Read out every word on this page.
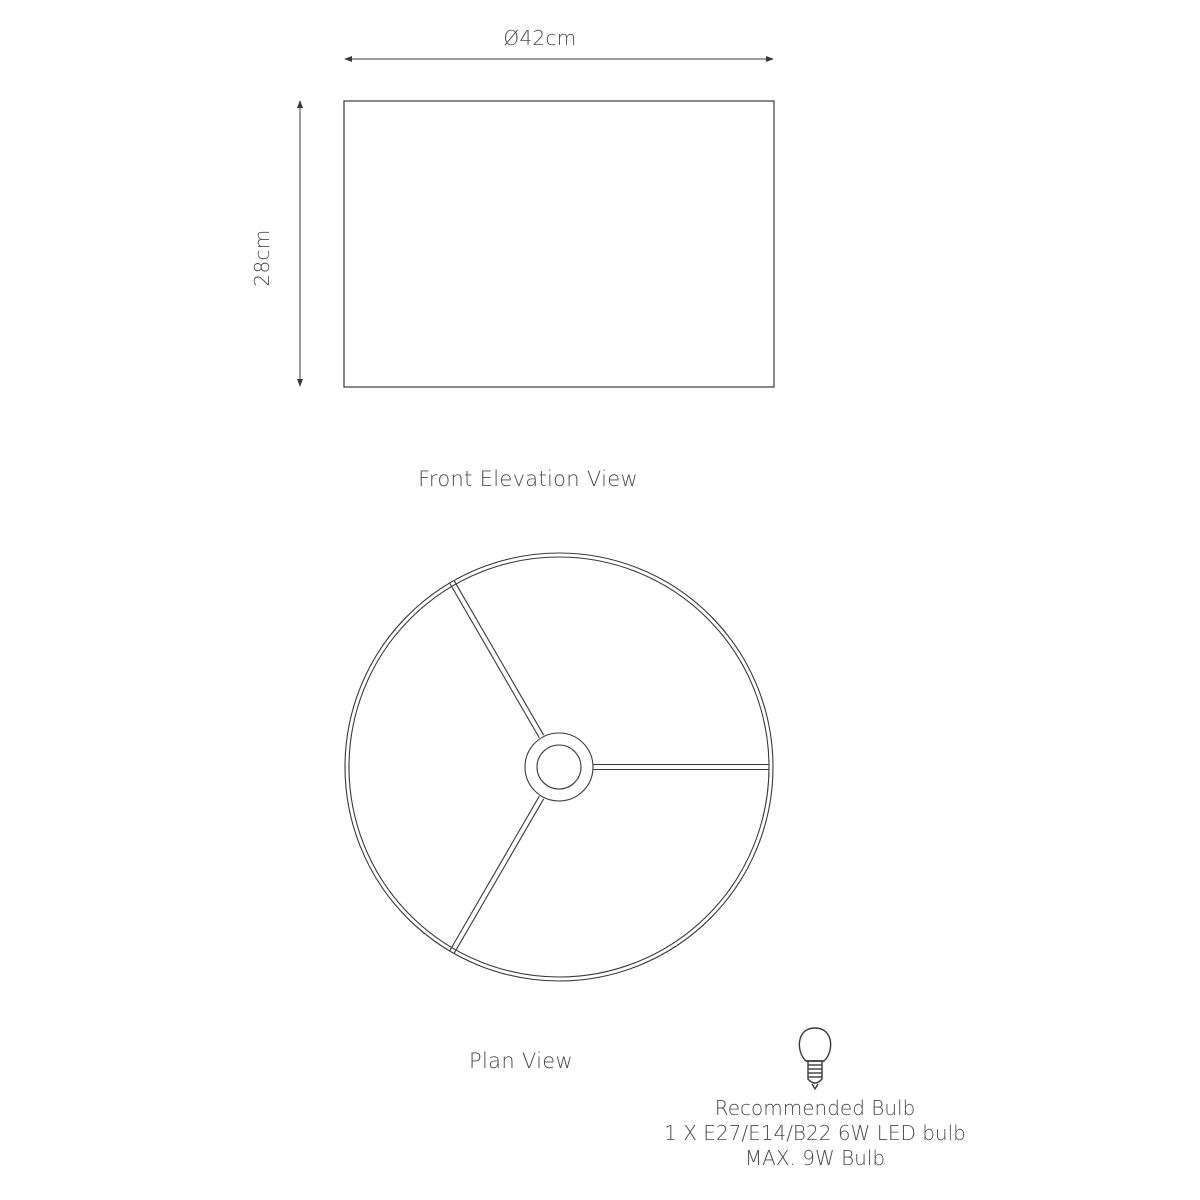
Ø42cm
28cm
Front Elevation View
Plan View
Recommended Bulb
1 X E27/E14/B22 6W LED bulb
MAX. 9W Bulb
